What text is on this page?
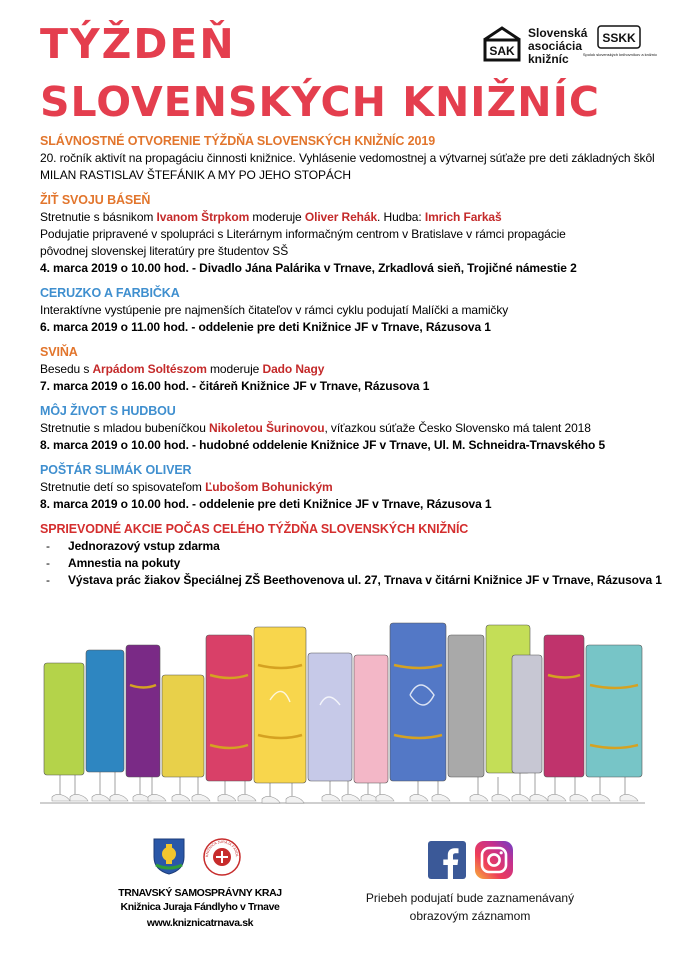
TÝŽDEŇ
SLOVENSKÝCH KNIŽNÍC
SAK
Slovenská
asociácia
knižníc
SSKK
Spolok slovenských knihovníkov a knižníc
SLÁVNOSTNÉ OTVORENIE TÝŽDŇA SLOVENSKÝCH KNIŽNÍC 2019
20. ročník aktivít na propagáciu činnosti knižnice. Vyhlásenie vedomostnej a výtvarnej súťaže pre deti základných škôl
MILAN RASTISLAV ŠTEFÁNIK A MY PO JEHO STOPÁCH
ŽIŤ SVOJU BÁSEŇ
Stretnutie s básnikom Ivanom Štrpkom moderuje Oliver Rehák. Hudba: Imrich Farkaš
Podujatie pripravené v spolupráci s Literárnym informačným centrom v Bratislave v rámci propagácie pôvodnej slovenskej literatúry pre študentov SŠ
4. marca 2019 o 10.00 hod. - Divadlo Jána Palárika v Trnave, Zrkadlová sieň, Trojičné námestie 2
CERUZKO A FARBIČKA
Interaktívne vystúpenie pre najmenších čitateľov v rámci cyklu podujatí Malíčki a mamičky
6. marca 2019 o 11.00 hod. - oddelenie pre deti Knižnice JF v Trnave, Rázusova 1
SVIŇA
Besedu s Arpádom Soltészom moderuje Dado Nagy
7. marca 2019 o 16.00 hod. - čitáreň Knižnice JF v Trnave, Rázusova 1
MÔJ ŽIVOT S HUDBOU
Stretnutie s mladou bubeníčkou Nikoletou Šurinovou, víťazkou súťaže Česko Slovensko má talent 2018
8. marca 2019 o 10.00 hod. - hudobné oddelenie Knižnice JF v Trnave, Ul. M. Schneidra-Trnavského 5
POŠTÁR SLIMÁK OLIVER
Stretnutie detí so spisovateľom Ľubošom Bohunickým
8. marca 2019 o 10.00 hod. - oddelenie pre deti Knižnice JF v Trnave, Rázusova 1
SPRIEVODNÉ AKCIE POČAS CELÉHO TÝŽDŇA SLOVENSKÝCH KNIŽNÍC
- Jednorazový vstup zdarma
- Amnestia na pokuty
- Výstava prác žiakov Špeciálnej ZŠ Beethovenova ul. 27, Trnava v čitárni Knižnice JF v Trnave, Rázusova 1
KNIŽNICA JURAJA FÁNDL
TRNAVSKÝ SAMOSPRÁVNY KRAJ
Knižnica Juraja Fándlyho v Trnave
www.kniznicatrnava.sk
Priebeh podujatí bude zaznamenávaný
obrazovým záznamom
